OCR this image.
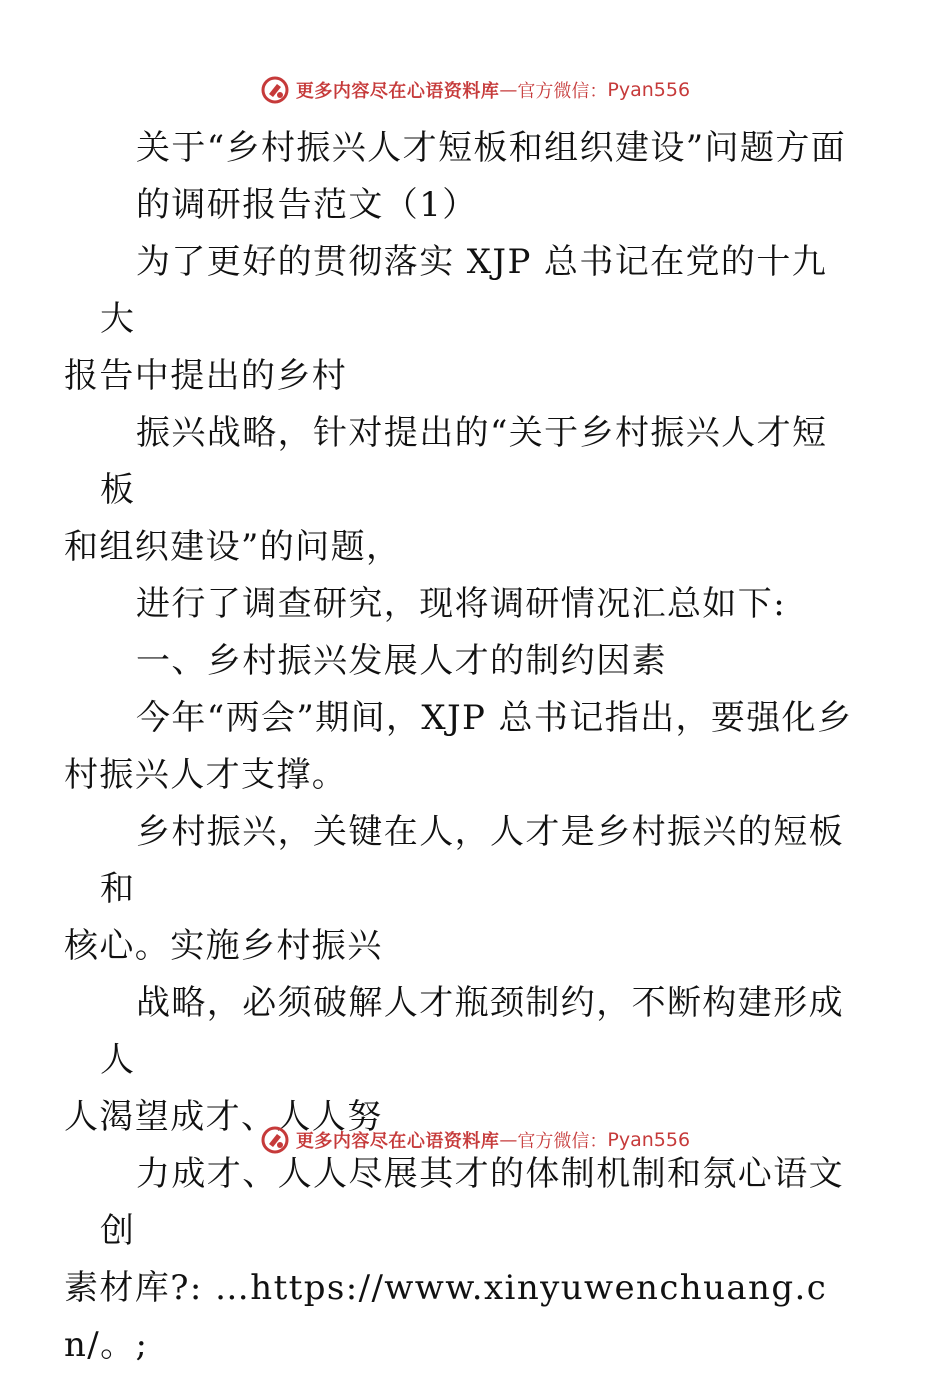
更多内容尽在心语资料库 — 官方微信： Pyan556

关于“乡村振兴人才短板和组织建设”问题方面
的调研报告范文（1）

为了更好的贯彻落实 XJP 总书记在党的十九大
报告中提出的乡村

振兴战略，针对提出的“关于乡村振兴人才短板
和组织建设”的问题，

进行了调查研究，现将调研情况汇总如下:

一、乡村振兴发展人才的制约因素

今年“两会”期间，XJP 总书记指出，要强化乡
村振兴人才支撑。

乡村振兴，关键在人，人才是乡村振兴的短板和
核心。实施乡村振兴

战略，必须破解人才瓶颈制约，不断构建形成人
人渴望成才、人人努

力成才、人人尽展其才的体制机制和氛心语文创
素材库?: …https://www.xinyuwenchuang.cn/。;

更多内容尽在心语资料库 — 官方微信： Pyan556
